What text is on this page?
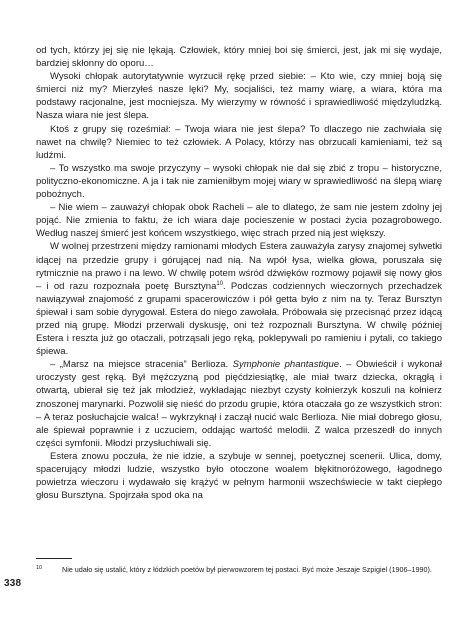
od tych, którzy jej się nie lękają. Człowiek, który mniej boi się śmierci, jest, jak mi się wydaje, bardziej skłonny do oporu…

Wysoki chłopak autorytatywnie wyrzucił rękę przed siebie: – Kto wie, czy mniej boją się śmierci niż my? Mierzyłeś nasze lęki? My, socjaliści, też mamy wiarę, a wiara, która ma podstawy racjonalne, jest mocniejsza. My wierzymy w równość i sprawiedliwość międzyludzką. Nasza wiara nie jest ślepa.

Ktoś z grupy się roześmiał: – Twoja wiara nie jest ślepa? To dlaczego nie zachwiała się nawet na chwilę? Niemiec to też człowiek. A Polacy, którzy nas obrzucali kamieniami, też są ludźmi.

– To wszystko ma swoje przyczyny – wysoki chłopak nie dał się zbić z tropu – historyczne, polityczno-ekonomiczne. A ja i tak nie zamieniłbym mojej wiary w sprawiedliwość na ślepą wiarę pobożnych.

– Nie wiem – zauważył chłopak obok Racheli – ale to dlatego, że sam nie jestem zdolny jej pojąć. Nie zmienia to faktu, że ich wiara daje pocieszenie w postaci życia pozagrobowego. Według naszej śmierć jest końcem wszystkiego, więc strach przed nią jest większy.

W wolnej przestrzeni między ramionami młodych Estera zauważyła zarysy znajomej sylwetki idącej na przedzie grupy i górującej nad nią. Na wpół łysa, wielka głowa, poruszała się rytmicznie na prawo i na lewo. W chwilę potem wśród dźwięków rozmowy pojawił się nowy głos – i od razu rozpoznała poetę Bursztyna$^{10}$. Podczas codziennych wieczornych przechadzek nawiązywał znajomość z grupami spacerowiczów i pół getta było z nim na ty. Teraz Bursztyn śpiewał i sam sobie dyrygował. Estera do niego zawołała. Próbowała się przecisnąć przez idącą przed nią grupę. Młodzi przerwali dyskusję, oni też rozpoznali Bursztyna. W chwilę później Estera i reszta już go otaczali, potrząsali jego ręką, poklepywali po ramieniu i pytali, co takiego śpiewa.

– „Marsz na miejsce stracenia” Berlioza. Symphonie phantastique. – Obwieścił i wykonał uroczysty gest ręką. Był mężczyzną pod pięćdziesiątkę, ale miał twarz dziecka, okrągłą i otwartą, ubierał się też jak młodzież, wykładając niezbyt czysty kołnierzyk koszuli na kołnierz znoszonej marynarki. Pozwolił się nieść do przodu grupie, która otaczała go ze wszystkich stron: – A teraz posłuchajcie walca! – wykrzyknął i zaczął nucić walc Berlioza. Nie miał dobrego głosu, ale śpiewał poprawnie i z uczuciem, oddając wartość melodii. Z walca przeszedł do innych części symfonii. Młodzi przysłuchiwali się.

Estera znowu poczuła, że nie idzie, a szybuje w sennej, poetycznej scenerii. Ulica, domy, spacerujący młodzi ludzie, wszystko było otoczone woalem błękitnoróżowego, łagodnego powietrza wieczoru i wydawało się krążyć w pełnym harmonii wszechświecie w takt ciepłego głosu Bursztyna. Spojrzała spod oka na

10	Nie udało się ustalić, który z łódzkich poetów był pierwowzorem tej postaci. Być może Jeszaje Szpigiel (1906–1990).
338
